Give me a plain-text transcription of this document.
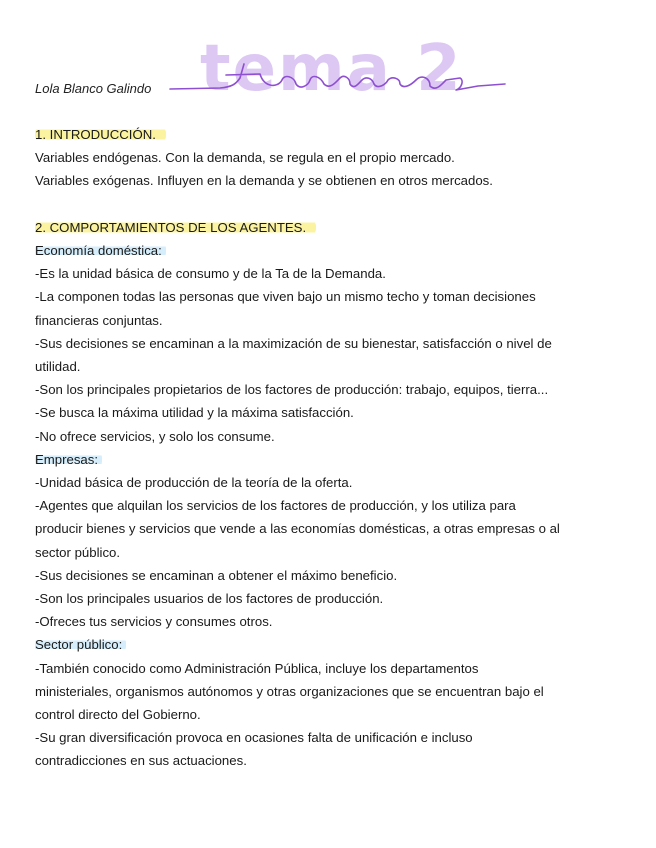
Lola Blanco Galindo tema 2
1. INTRODUCCIÓN.
Variables endógenas. Con la demanda, se regula en el propio mercado.
Variables exógenas. Influyen en la demanda y se obtienen en otros mercados.
2. COMPORTAMIENTOS DE LOS AGENTES.
Economía doméstica:
-Es la unidad básica de consumo y de la Ta de la Demanda.
-La componen todas las personas que viven bajo un mismo techo y toman decisiones
financieras conjuntas.
-Sus decisiones se encaminan a la maximización de su bienestar, satisfacción o nivel de
utilidad.
-Son los principales propietarios de los factores de producción: trabajo, equipos, tierra...
-Se busca la máxima utilidad y la máxima satisfacción.
-No ofrece servicios, y solo los consume.
Empresas:
-Unidad básica de producción de la teoría de la oferta.
-Agentes que alquilan los servicios de los factores de producción, y los utiliza para
producir bienes y servicios que vende a las economías domésticas, a otras empresas o al
sector público.
-Sus decisiones se encaminan a obtener el máximo beneficio.
-Son los principales usuarios de los factores de producción.
-Ofreces tus servicios y consumes otros.
Sector público:
-También conocido como Administración Pública, incluye los departamentos
ministeriales, organismos autónomos y otras organizaciones que se encuentran bajo el
control directo del Gobierno.
-Su gran diversificación provoca en ocasiones falta de unificación e incluso
contradicciones en sus actuaciones.
